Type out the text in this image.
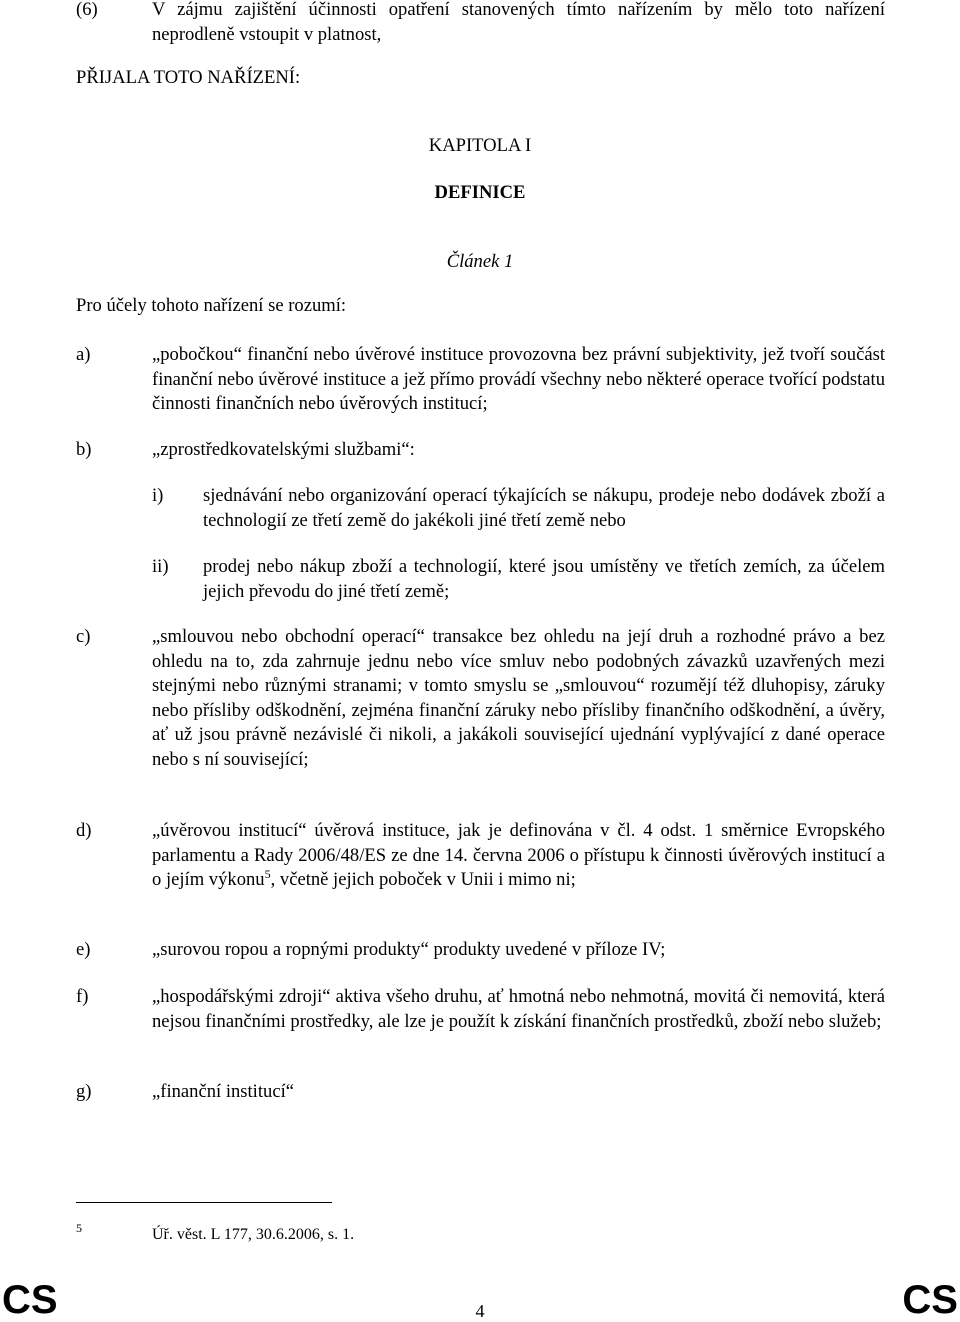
(6)	V zájmu zajištění účinnosti opatření stanovených tímto nařízením by mělo toto nařízení neprodleně vstoupit v platnost,
PŘIJALA TOTO NAŘÍZENÍ:
KAPITOLA I
DEFINICE
Článek 1
Pro účely tohoto nařízení se rozumí:
a)	„pobočkou“ finanční nebo úvěrové instituce provozovna bez právní subjektivity, jež tvoří součást finanční nebo úvěrové instituce a jež přímo provádí všechny nebo některé operace tvořící podstatu činnosti finančních nebo úvěrových institucí;
b)	„zprostředkovatelskými službami“:
i) sjednávání nebo organizování operací týkajících se nákupu, prodeje nebo dodávek zboží a technologií ze třetí země do jakékoli jiné třetí země nebo
ii) prodej nebo nákup zboží a technologií, které jsou umístěny ve třetích zemích, za účelem jejich převodu do jiné třetí země;
c)	„smlouvou nebo obchodní operací“ transakce bez ohledu na její druh a rozhodné právo a bez ohledu na to, zda zahrnuje jednu nebo více smluv nebo podobných závazků uzavřených mezi stejnými nebo různými stranami; v tomto smyslu se „smlouvou“ rozumějí též dluhopisy, záruky nebo přísliby odškodnění, zejména finanční záruky nebo přísliby finančního odškodnění, a úvěry, ať už jsou právně nezávislé či nikoli, a jakákoli související ujednání vyplývající z dané operace nebo s ní související;
d)	„úvěrovou institucí“ úvěrová instituce, jak je definována v čl. 4 odst. 1 směrnice Evropského parlamentu a Rady 2006/48/ES ze dne 14. června 2006 o přístupu k činnosti úvěrových institucí a o jejím výkonu$^5$, včetně jejich poboček v Unii i mimo ni;
e)	„surovou ropou a ropnými produkty“ produkty uvedené v příloze IV;
f)	„hospodářskými zdroji“ aktiva všeho druhu, ať hmotná nebo nehmotná, movitá či nemovitá, která nejsou finančními prostředky, ale lze je použít k získání finančních prostředků, zboží nebo služeb;
g)	„finanční institucí“
5	Úř. věst. L 177, 30.6.2006, s. 1.
CS	4	CS
